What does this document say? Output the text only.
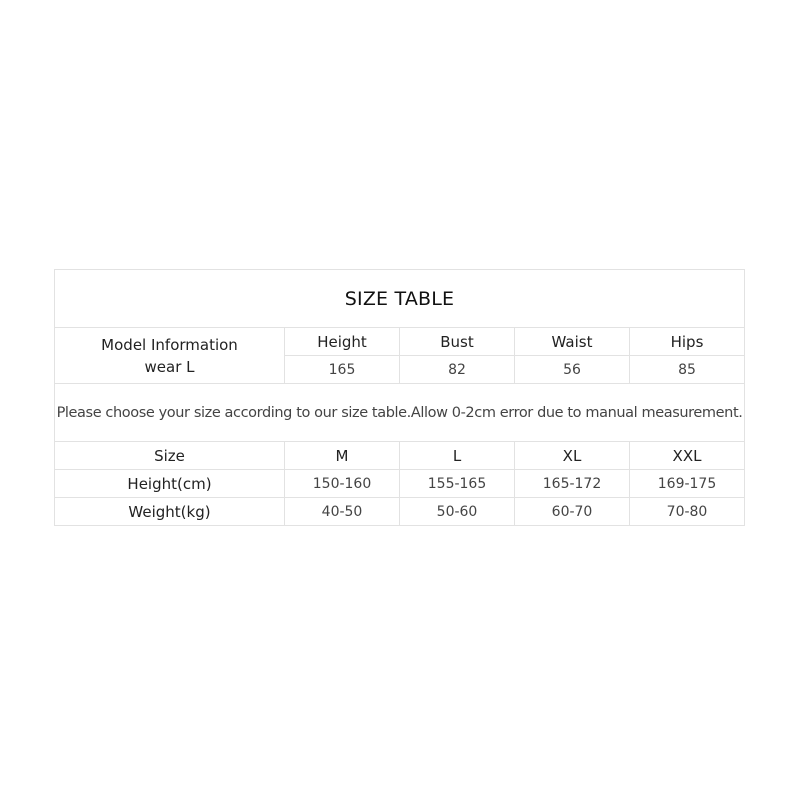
SIZE TABLE				

Model Information
wear L	Height	Bust	Waist	Hips
	165	82	56	85
Please choose your size according to our size table.Allow 0-2cm error due to manual measurement.				
Size	M	L	XL	XXL
Height(cm)	150-160	155-165	165-172	169-175
Weight(kg)	40-50	50-60	60-70	70-80
